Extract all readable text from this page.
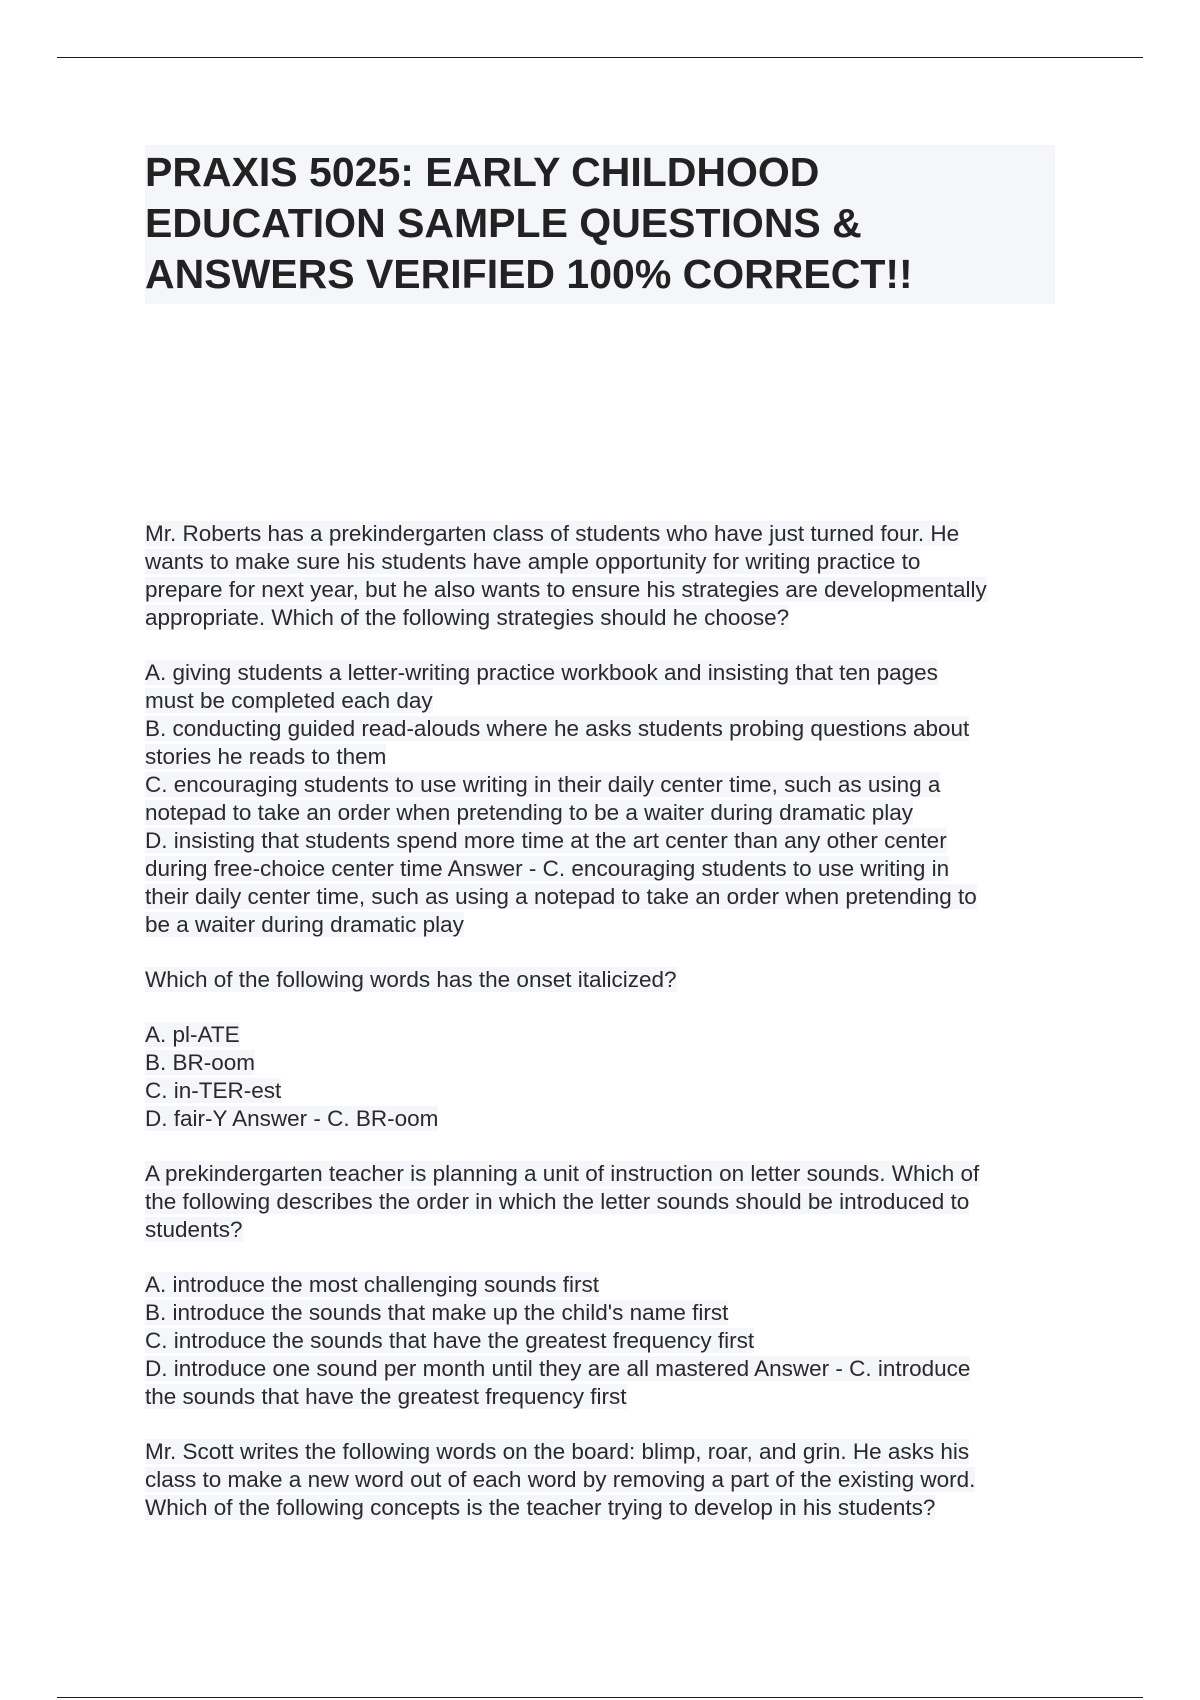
PRAXIS 5025: EARLY CHILDHOOD
EDUCATION SAMPLE QUESTIONS &
ANSWERS VERIFIED 100% CORRECT!!
Mr. Roberts has a prekindergarten class of students who have just turned four. He
wants to make sure his students have ample opportunity for writing practice to
prepare for next year, but he also wants to ensure his strategies are developmentally
appropriate. Which of the following strategies should he choose?
A. giving students a letter-writing practice workbook and insisting that ten pages
must be completed each day
B. conducting guided read-alouds where he asks students probing questions about
stories he reads to them
C. encouraging students to use writing in their daily center time, such as using a
notepad to take an order when pretending to be a waiter during dramatic play
D. insisting that students spend more time at the art center than any other center
during free-choice center time Answer - C. encouraging students to use writing in
their daily center time, such as using a notepad to take an order when pretending to
be a waiter during dramatic play
Which of the following words has the onset italicized?
A. pl-ATE
B. BR-oom
C. in-TER-est
D. fair-Y Answer - C. BR-oom
A prekindergarten teacher is planning a unit of instruction on letter sounds. Which of
the following describes the order in which the letter sounds should be introduced to
students?
A. introduce the most challenging sounds first
B. introduce the sounds that make up the child's name first
C. introduce the sounds that have the greatest frequency first
D. introduce one sound per month until they are all mastered Answer - C. introduce
the sounds that have the greatest frequency first
Mr. Scott writes the following words on the board: blimp, roar, and grin. He asks his
class to make a new word out of each word by removing a part of the existing word.
Which of the following concepts is the teacher trying to develop in his students?
